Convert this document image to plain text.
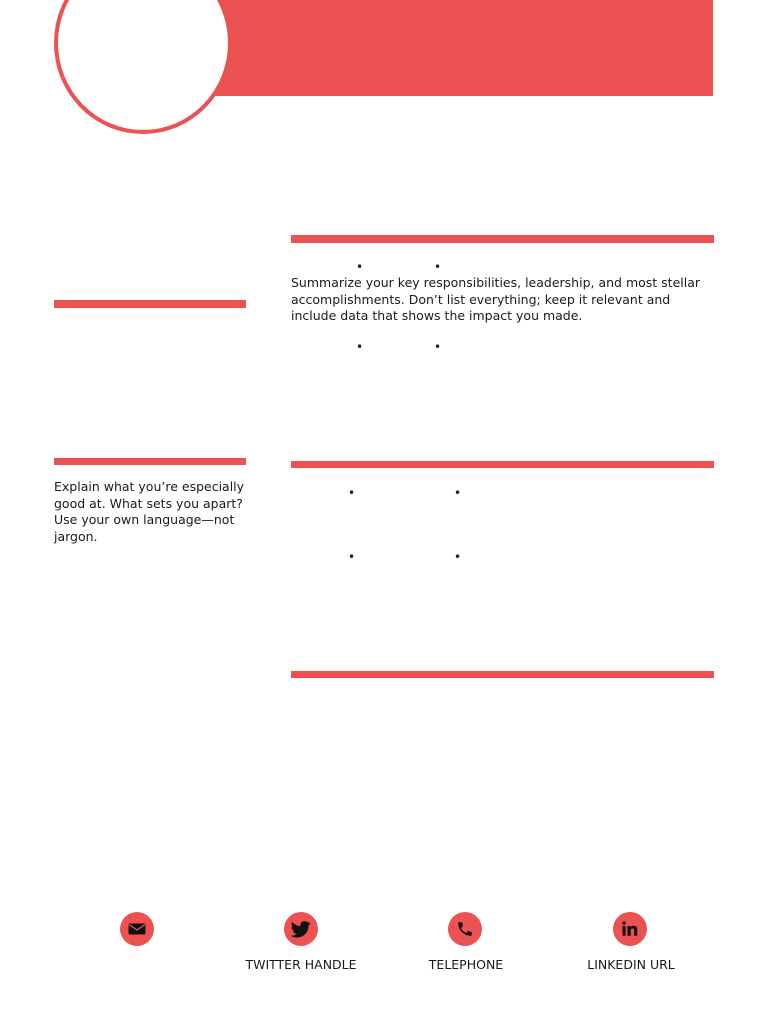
•	•

Summarize your key responsibilities, leadership, and most stellar accomplishments. Don’t list everything; keep it relevant and include data that shows the impact you made.

•	•

Explain what you’re especially good at. What sets you apart? Use your own language—not jargon.

•	•
•	•
TWITTER HANDLE	TELEPHONE	LINKEDIN URL
